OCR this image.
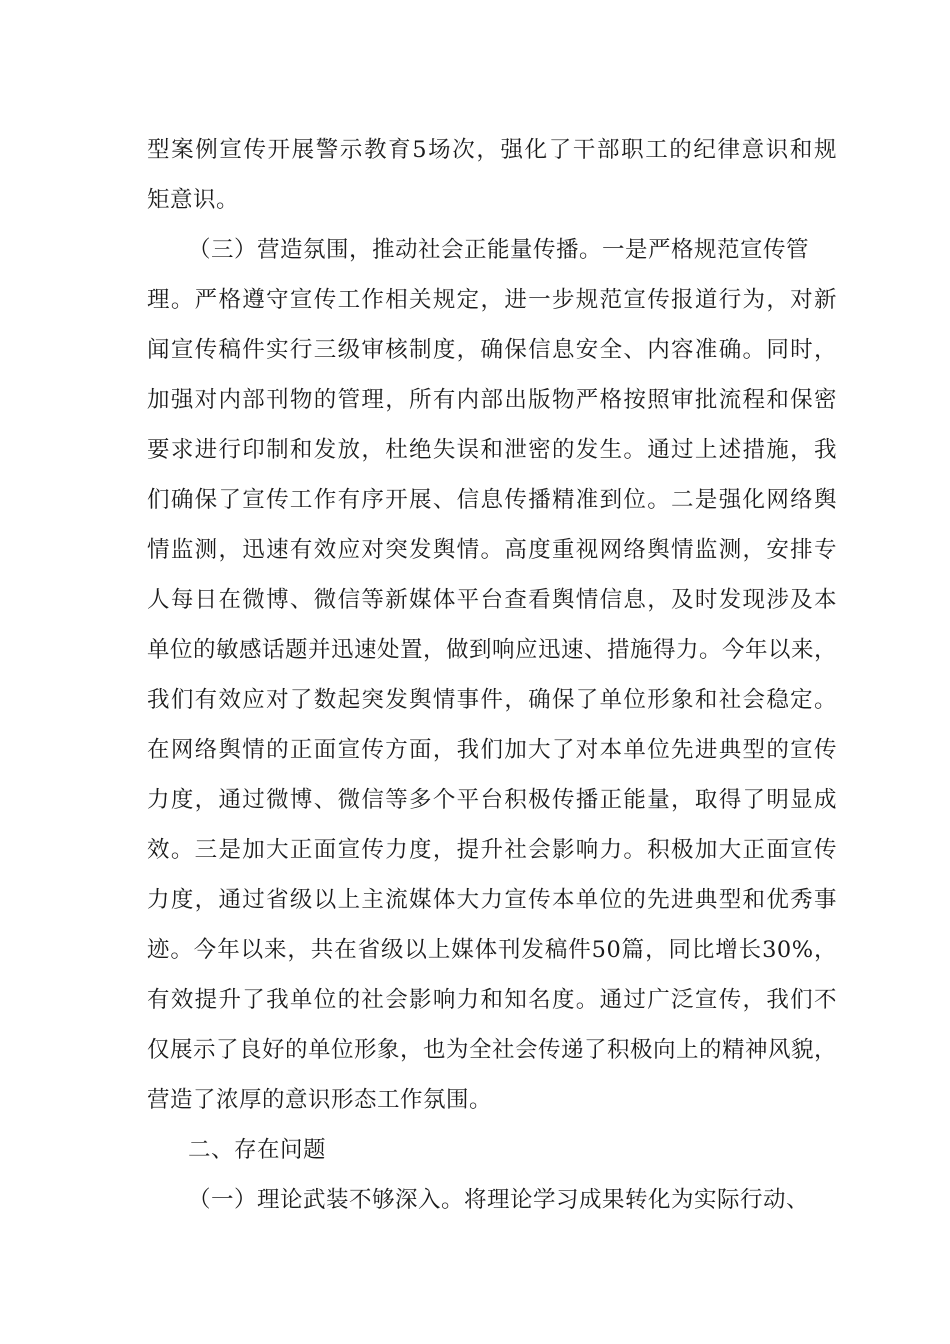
型案例宣传开展警示教育5场次，强化了干部职工的纪律意识和规
矩意识。
（三）营造氛围，推动社会正能量传播。一是严格规范宣传管
理。严格遵守宣传工作相关规定，进一步规范宣传报道行为，对新
闻宣传稿件实行三级审核制度，确保信息安全、内容准确。同时，
加强对内部刊物的管理，所有内部出版物严格按照审批流程和保密
要求进行印制和发放，杜绝失误和泄密的发生。通过上述措施，我
们确保了宣传工作有序开展、信息传播精准到位。二是强化网络舆
情监测，迅速有效应对突发舆情。高度重视网络舆情监测，安排专
人每日在微博、微信等新媒体平台查看舆情信息，及时发现涉及本
单位的敏感话题并迅速处置，做到响应迅速、措施得力。今年以来，
我们有效应对了数起突发舆情事件，确保了单位形象和社会稳定。
在网络舆情的正面宣传方面，我们加大了对本单位先进典型的宣传
力度，通过微博、微信等多个平台积极传播正能量，取得了明显成
效。三是加大正面宣传力度，提升社会影响力。积极加大正面宣传
力度，通过省级以上主流媒体大力宣传本单位的先进典型和优秀事
迹。今年以来，共在省级以上媒体刊发稿件50篇，同比增长30%，
有效提升了我单位的社会影响力和知名度。通过广泛宣传，我们不
仅展示了良好的单位形象，也为全社会传递了积极向上的精神风貌，
营造了浓厚的意识形态工作氛围。
二、存在问题
（一）理论武装不够深入。将理论学习成果转化为实际行动、
